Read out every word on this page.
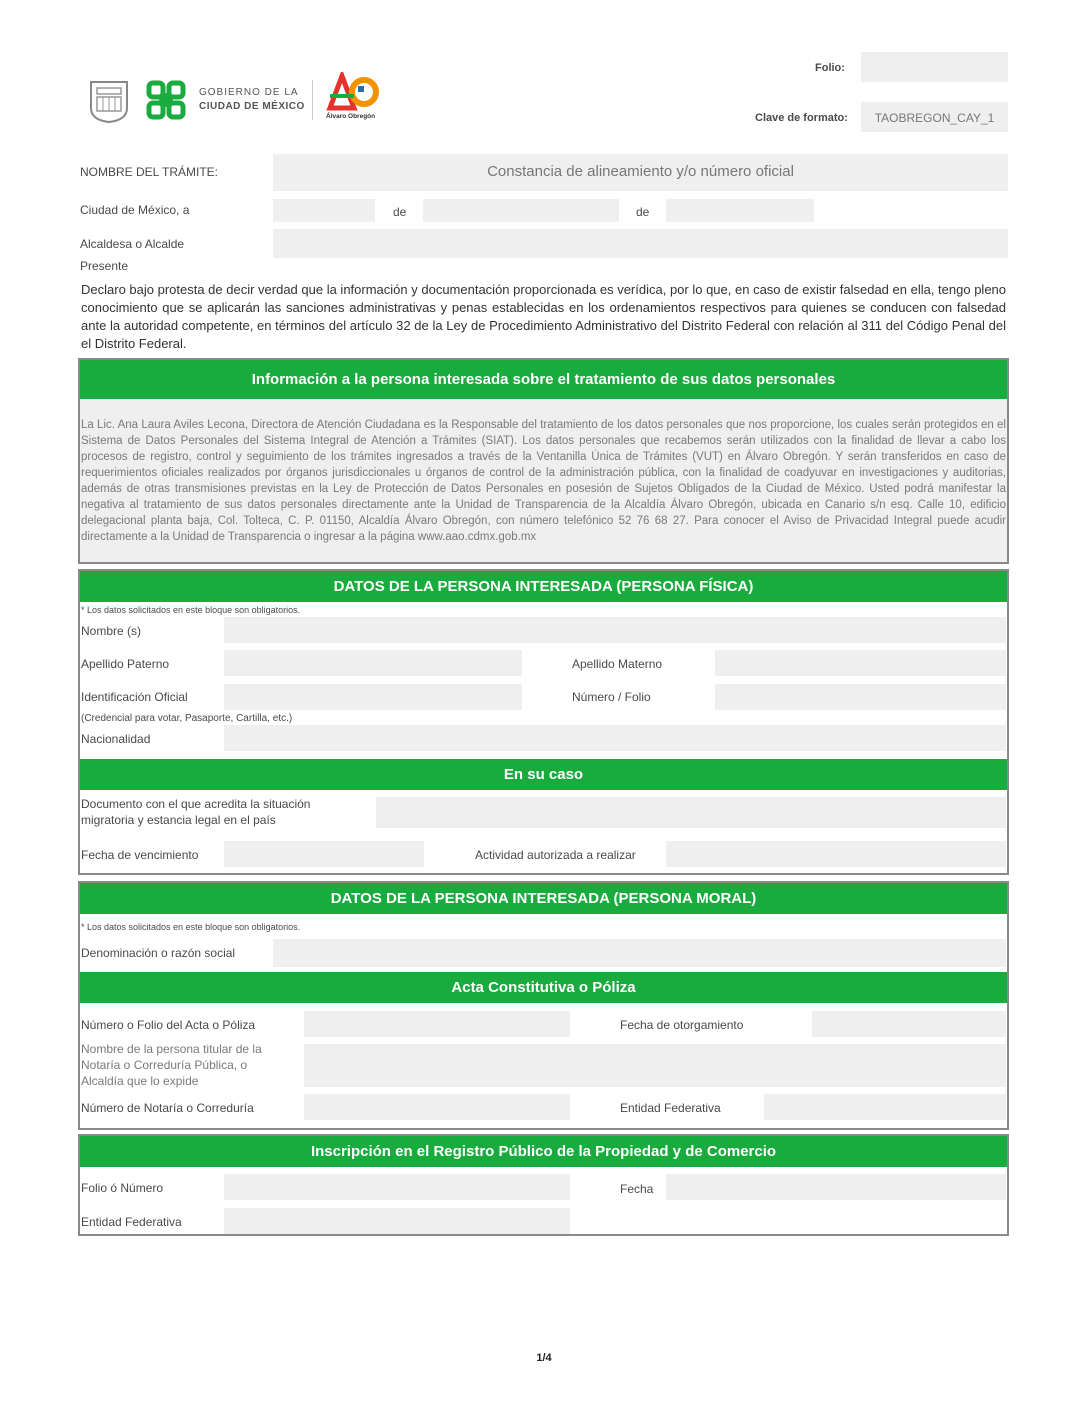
GOBIERNO DE LA
CIUDAD DE MÉXICO
Álvaro Obregón
Folio:
Clave de formato:	TAOBREGON_CAY_1
NOMBRE DEL TRÁMITE:	Constancia de alineamiento y/o número oficial
Ciudad de México, a	de	de
Alcaldesa o Alcalde
Presente
Declaro bajo protesta de decir verdad que la información y documentación proporcionada es verídica, por lo que, en caso de existir falsedad en ella, tengo pleno conocimiento que se aplicarán las sanciones administrativas y penas establecidas en los ordenamientos respectivos para quienes se conducen con falsedad ante la autoridad competente, en términos del artículo 32 de la Ley de Procedimiento Administrativo del Distrito Federal con relación al 311 del Código Penal del el Distrito Federal.
Información a la persona interesada sobre el tratamiento de sus datos personales
La Lic. Ana Laura Aviles Lecona, Directora de Atención Ciudadana es la Responsable del tratamiento de los datos personales que nos proporcione, los cuales serán protegidos en el Sistema de Datos Personales del Sistema Integral de Atención a Trámites (SIAT). Los datos personales que recabemos serán utilizados con la finalidad de llevar a cabo los procesos de registro, control y seguimiento de los trámites ingresados a través de la Ventanilla Única de Trámites (VUT) en Álvaro Obregón. Y serán transferidos en caso de requerimientos oficiales realizados por órganos jurisdiccionales u órganos de control de la administración pública, con la finalidad de coadyuvar en investigaciones y auditorias, además de otras transmisiones previstas en la Ley de Protección de Datos Personales en posesión de Sujetos Obligados de la Ciudad de México. Usted podrá manifestar la negativa al tratamiento de sus datos personales directamente ante la Unidad de Transparencia de la Alcaldía Álvaro Obregón, ubicada en Canario s/n esq. Calle 10, edificio delegacional planta baja, Col. Tolteca, C. P. 01150, Alcaldía Álvaro Obregón, con número telefónico 52 76 68 27. Para conocer el Aviso de Privacidad Integral puede acudir directamente a la Unidad de Transparencia o ingresar a la página www.aao.cdmx.gob.mx
DATOS DE LA PERSONA INTERESADA (PERSONA FÍSICA)
* Los datos solicitados en este bloque son obligatorios.
Nombre (s)
Apellido Paterno	Apellido Materno
Identificación Oficial	Número / Folio
(Credencial para votar, Pasaporte, Cartilla, etc.)
Nacionalidad
En su caso
Documento con el que acredita la situación migratoria y estancia legal en el país
Fecha de vencimiento	Actividad autorizada a realizar
DATOS DE LA PERSONA INTERESADA (PERSONA MORAL)
* Los datos solicitados en este bloque son obligatorios.
Denominación o razón social
Acta Constitutiva o Póliza
Número o Folio del Acta o Póliza	Fecha de otorgamiento
Nombre de la persona titular de la Notaría o Correduría Pública, o Alcaldía que lo expide
Número de Notaría o Correduría	Entidad Federativa
Inscripción en el Registro Público de la Propiedad y de Comercio
Folio ó Número	Fecha
Entidad Federativa
1/4
